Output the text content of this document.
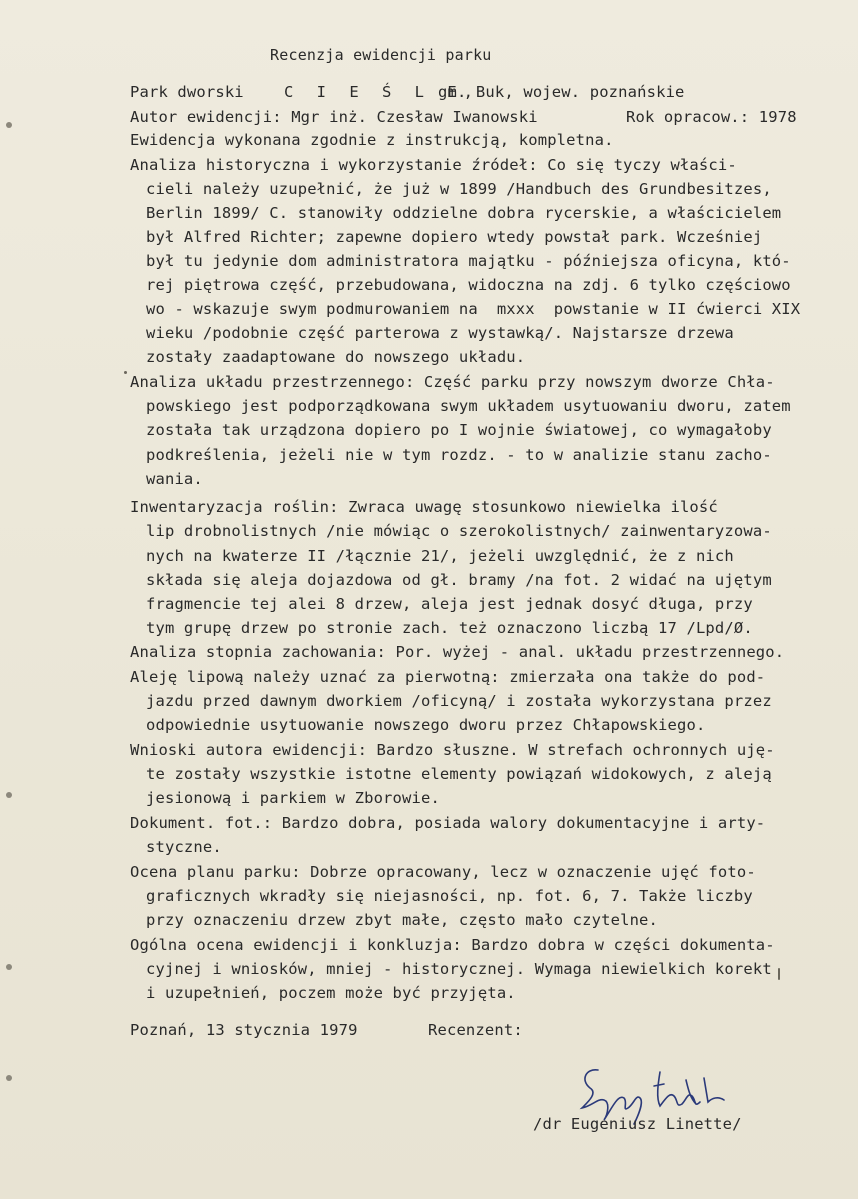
Recenzja ewidencji parku
Park dworski	C I E Ś L E,
gm. Buk, wojew. poznańskie
Autor ewidencji: Mgr inż. Czesław Iwanowski	Rok opracow.: 1978
Ewidencja wykonana zgodnie z instrukcją, kompletna.
Analiza historyczna i wykorzystanie źródeł: Co się tyczy właści-
cieli należy uzupełnić, że już w 1899 /Handbuch des Grundbesitzes,
Berlin 1899/ C. stanowiły oddzielne dobra rycerskie, a właścicielem
był Alfred Richter; zapewne dopiero wtedy powstał park. Wcześniej
był tu jedynie dom administratora majątku - późniejsza oficyna, któ-
rej piętrowa część, przebudowana, widoczna na zdj. 6 tylko częściowo
wo - wskazuje swym podmurowaniem na  mxxx  powstanie w II ćwierci XIX
wieku /podobnie część parterowa z wystawką/. Najstarsze drzewa
zostały zaadaptowane do nowszego układu.
Analiza układu przestrzennego: Część parku przy nowszym dworze Chła-
powskiego jest podporządkowana swym układem usytuowaniu dworu, zatem
została tak urządzona dopiero po I wojnie światowej, co wymagałoby
podkreślenia, jeżeli nie w tym rozdz. - to w analizie stanu zacho-
wania.
Inwentaryzacja roślin: Zwraca uwagę stosunkowo niewielka ilość
lip drobnolistnych /nie mówiąc o szerokolistnych/ zainwentaryzowa-
nych na kwaterze II /łącznie 21/, jeżeli uwzględnić, że z nich
składa się aleja dojazdowa od gł. bramy /na fot. 2 widać na ujętym
fragmencie tej alei 8 drzew, aleja jest jednak dosyć długa, przy
tym grupę drzew po stronie zach. też oznaczono liczbą 17 /Lpd/Ø.
Analiza stopnia zachowania: Por. wyżej - anal. układu przestrzennego.
Aleję lipową należy uznać za pierwotną: zmierzała ona także do pod-
jazdu przed dawnym dworkiem /oficyną/ i została wykorzystana przez
odpowiednie usytuowanie nowszego dworu przez Chłapowskiego.
Wnioski autora ewidencji: Bardzo słuszne. W strefach ochronnych uję-
te zostały wszystkie istotne elementy powiązań widokowych, z aleją
jesionową i parkiem w Zborowie.
Dokument. fot.: Bardzo dobra, posiada walory dokumentacyjne i arty-
styczne.
Ocena planu parku: Dobrze opracowany, lecz w oznaczenie ujęć foto-
graficznych wkradły się niejasności, np. fot. 6, 7. Także liczby
przy oznaczeniu drzew zbyt małe, często mało czytelne.
Ogólna ocena ewidencji i konkluzja: Bardzo dobra w części dokumenta-
cyjnej i wniosków, mniej - historycznej. Wymaga niewielkich korekt
i uzupełnień, poczem może być przyjęta.
Poznań, 13 stycznia 1979	Recenzent:
/dr Eugeniusz Linette/
